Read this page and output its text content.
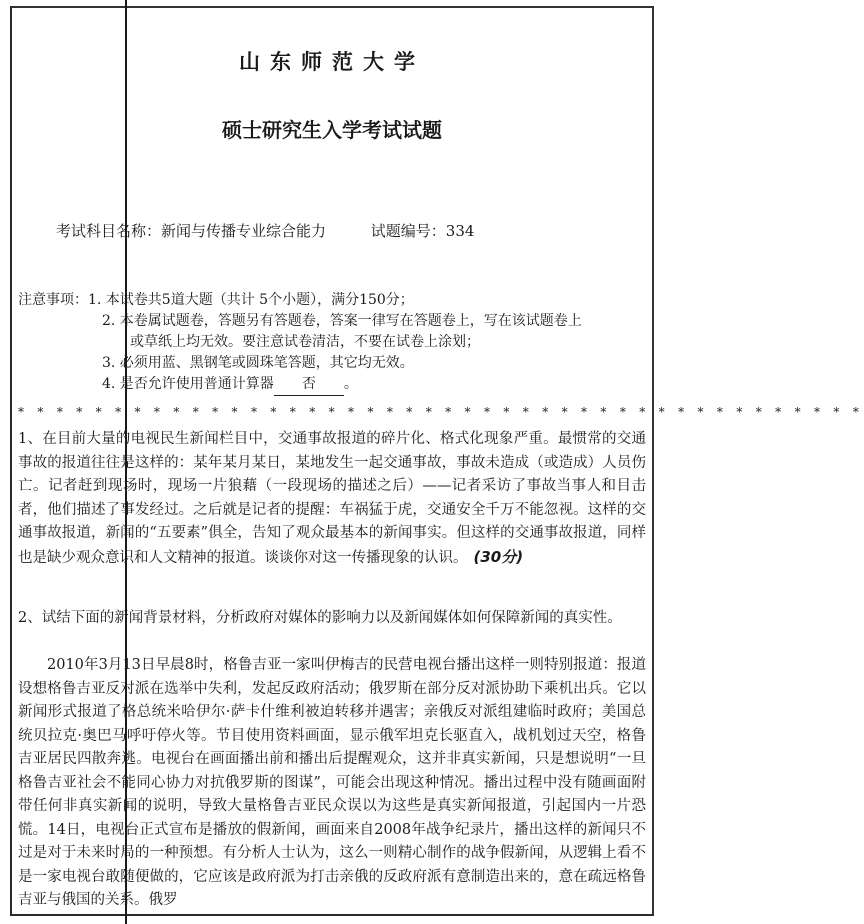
山东师范大学
硕士研究生入学考试试题
考试科目名称：新闻与传播专业综合能力	试题编号：334
注意事项：1. 本试卷共5道大题（共计 5个小题），满分150分；
2. 本卷属试题卷，答题另有答题卷，答案一律写在答题卷上，写在该试题卷上
或草纸上均无效。要注意试卷清洁，不要在试卷上涂划；
3. 必须用蓝、黑钢笔或圆珠笔答题，其它均无效。
4. 是否允许使用普通计算器 否 。
* * * * * * * * * * * * * * * * * * * * * * * * * * * * * * * * * * * * * * * * * * * *
1、在目前大量的电视民生新闻栏目中，交通事故报道的碎片化、格式化现象严重。最惯常的交通事故的报道往往是这样的：某年某月某日，某地发生一起交通事故，事故未造成（或造成）人员伤亡。记者赶到现场时，现场一片狼藉（一段现场的描述之后）——记者采访了事故当事人和目击者，他们描述了事发经过。之后就是记者的提醒：车祸猛于虎，交通安全千万不能忽视。这样的交通事故报道，新闻的“五要素”俱全，告知了观众最基本的新闻事实。但这样的交通事故报道，同样也是缺少观众意识和人文精神的报道。谈谈你对这一传播现象的认识。 (30分)
2、试结下面的新闻背景材料，分析政府对媒体的影响力以及新闻媒体如何保障新闻的真实性。
2010年3月13日早晨8时，格鲁吉亚一家叫伊梅吉的民营电视台播出这样一则特别报道：报道设想格鲁吉亚反对派在选举中失利，发起反政府活动；俄罗斯在部分反对派协助下乘机出兵。它以新闻形式报道了格总统米哈伊尔·萨卡什维利被迫转移并遇害；亲俄反对派组建临时政府；美国总统贝拉克·奥巴马呼吁停火等。节目使用资料画面，显示俄军坦克长驱直入，战机划过天空，格鲁吉亚居民四散奔逃。电视台在画面播出前和播出后提醒观众，这并非真实新闻，只是想说明“一旦格鲁吉亚社会不能同心协力对抗俄罗斯的图谋”，可能会出现这种情况。播出过程中没有随画面附带任何非真实新闻的说明，导致大量格鲁吉亚民众误以为这些是真实新闻报道，引起国内一片恐慌。14日，电视台正式宣布是播放的假新闻，画面来自2008年战争纪录片，播出这样的新闻只不过是对于未来时局的一种预想。有分析人士认为，这么一则精心制作的战争假新闻，从逻辑上看不是一家电视台敢随便做的，它应该是政府派为打击亲俄的反政府派有意制造出来的，意在疏远格鲁吉亚与俄国的关系。俄罗
